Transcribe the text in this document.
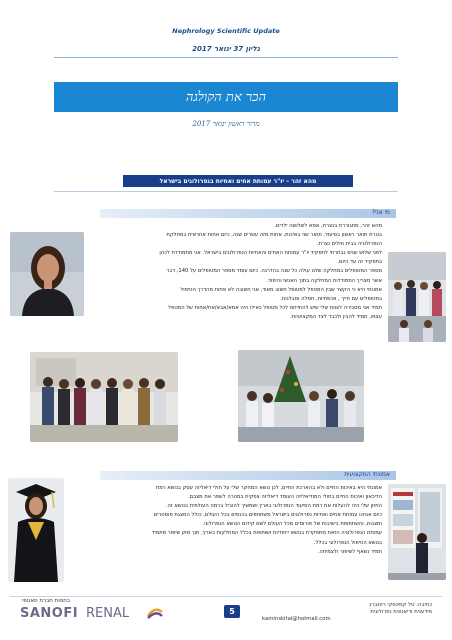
Nephrology Scientific Update
גליון 37 ינואר 2017
הכר את הקולגה
מדור ראשון ינואר 2017
מהא זהר – יו"ר עמותת אחים ואחיות בנפרולוגים בישראל
מי אני?
מהא זהר, מתגוררת בנצרת, אמא לשלושה ילדים.
בוגרת תואר ראשון בסיעוד, תואר שני באיכות, אחות מזה עשרים שנה, כיום אחות אחראית במחלקת
הנפרולוגיה בבית חולים נצרת.
לפני שלוש שנים נבחרתי לתפקיד יו"ר עמותת האחים והאחיות הנפרולוגים בישראל. אני מתמודדת לכהן
בתפקיד זה עד היום.
מספר המטופלים במחלקה שלנו עולה כל שנה בהדרגה. כיום עומד מספר המטופלים על 140, דבר
אשר מצריך התמודדות המחלקה בתוך האנשי והיפוד.
אמונתי היא כי הקשר שבין המטפל למטופל חשוב מאוד, אני חשובה לא פחות מהדרך הטיפול
במטופלים עם חייך , אכפתיות, חמלה וסבלנות.
תמיד אני מסבירה לצוות שלי שיש להתייחס לכל מטופל כאילו היה אמא/אבא/אח/אחות של המטפל
עצמו, תמיד להבין ולכבד לצד המקצועיות.
אמונתי המקצועית
אמונתי היא באיכות החיים ולא בהארכת החיים, לכן נושא המחקר שלי על חולי דיאליזה עסק בנושא רמת
הדיכאון ואיכות החיים בחולי המודיאליזה העומד דיאליזה צפקית במטרה לשפר את מצבם.
החזון שלי היה להעלות את רמת הסיעוד הנפרולוגי בארץ ושמשיך להוביל ברמה העולמית בנושא זה.
כיום אנחנו עמותת אחים ואחיות נפרולוגים בישראל משתתפים בכנסים בכל העולם, כולל המצגת פוסטרים
ומצגות, והשתתפות בישיבות של פורומים מכל העולם לשם קידום הנושא הנפרולוגי.
עמותת הנפרולוגיה הזאת מתפקדת בנושא ייחודיות ושותפות בכלל המחלקות בארץ, תוך מתן שיפור מתמיד
בנושא הטיפול הנפרולוגי בכלל.
תמיד נשאף לשיפור ולצמיחה.
בחסות חברת סאנופי
SANOFI RENAL	5
כתיבה: טל קמינסקי רוזנברג
מידענית ודיאטנית נפרולוגית
kaminskital@hotmail.com
